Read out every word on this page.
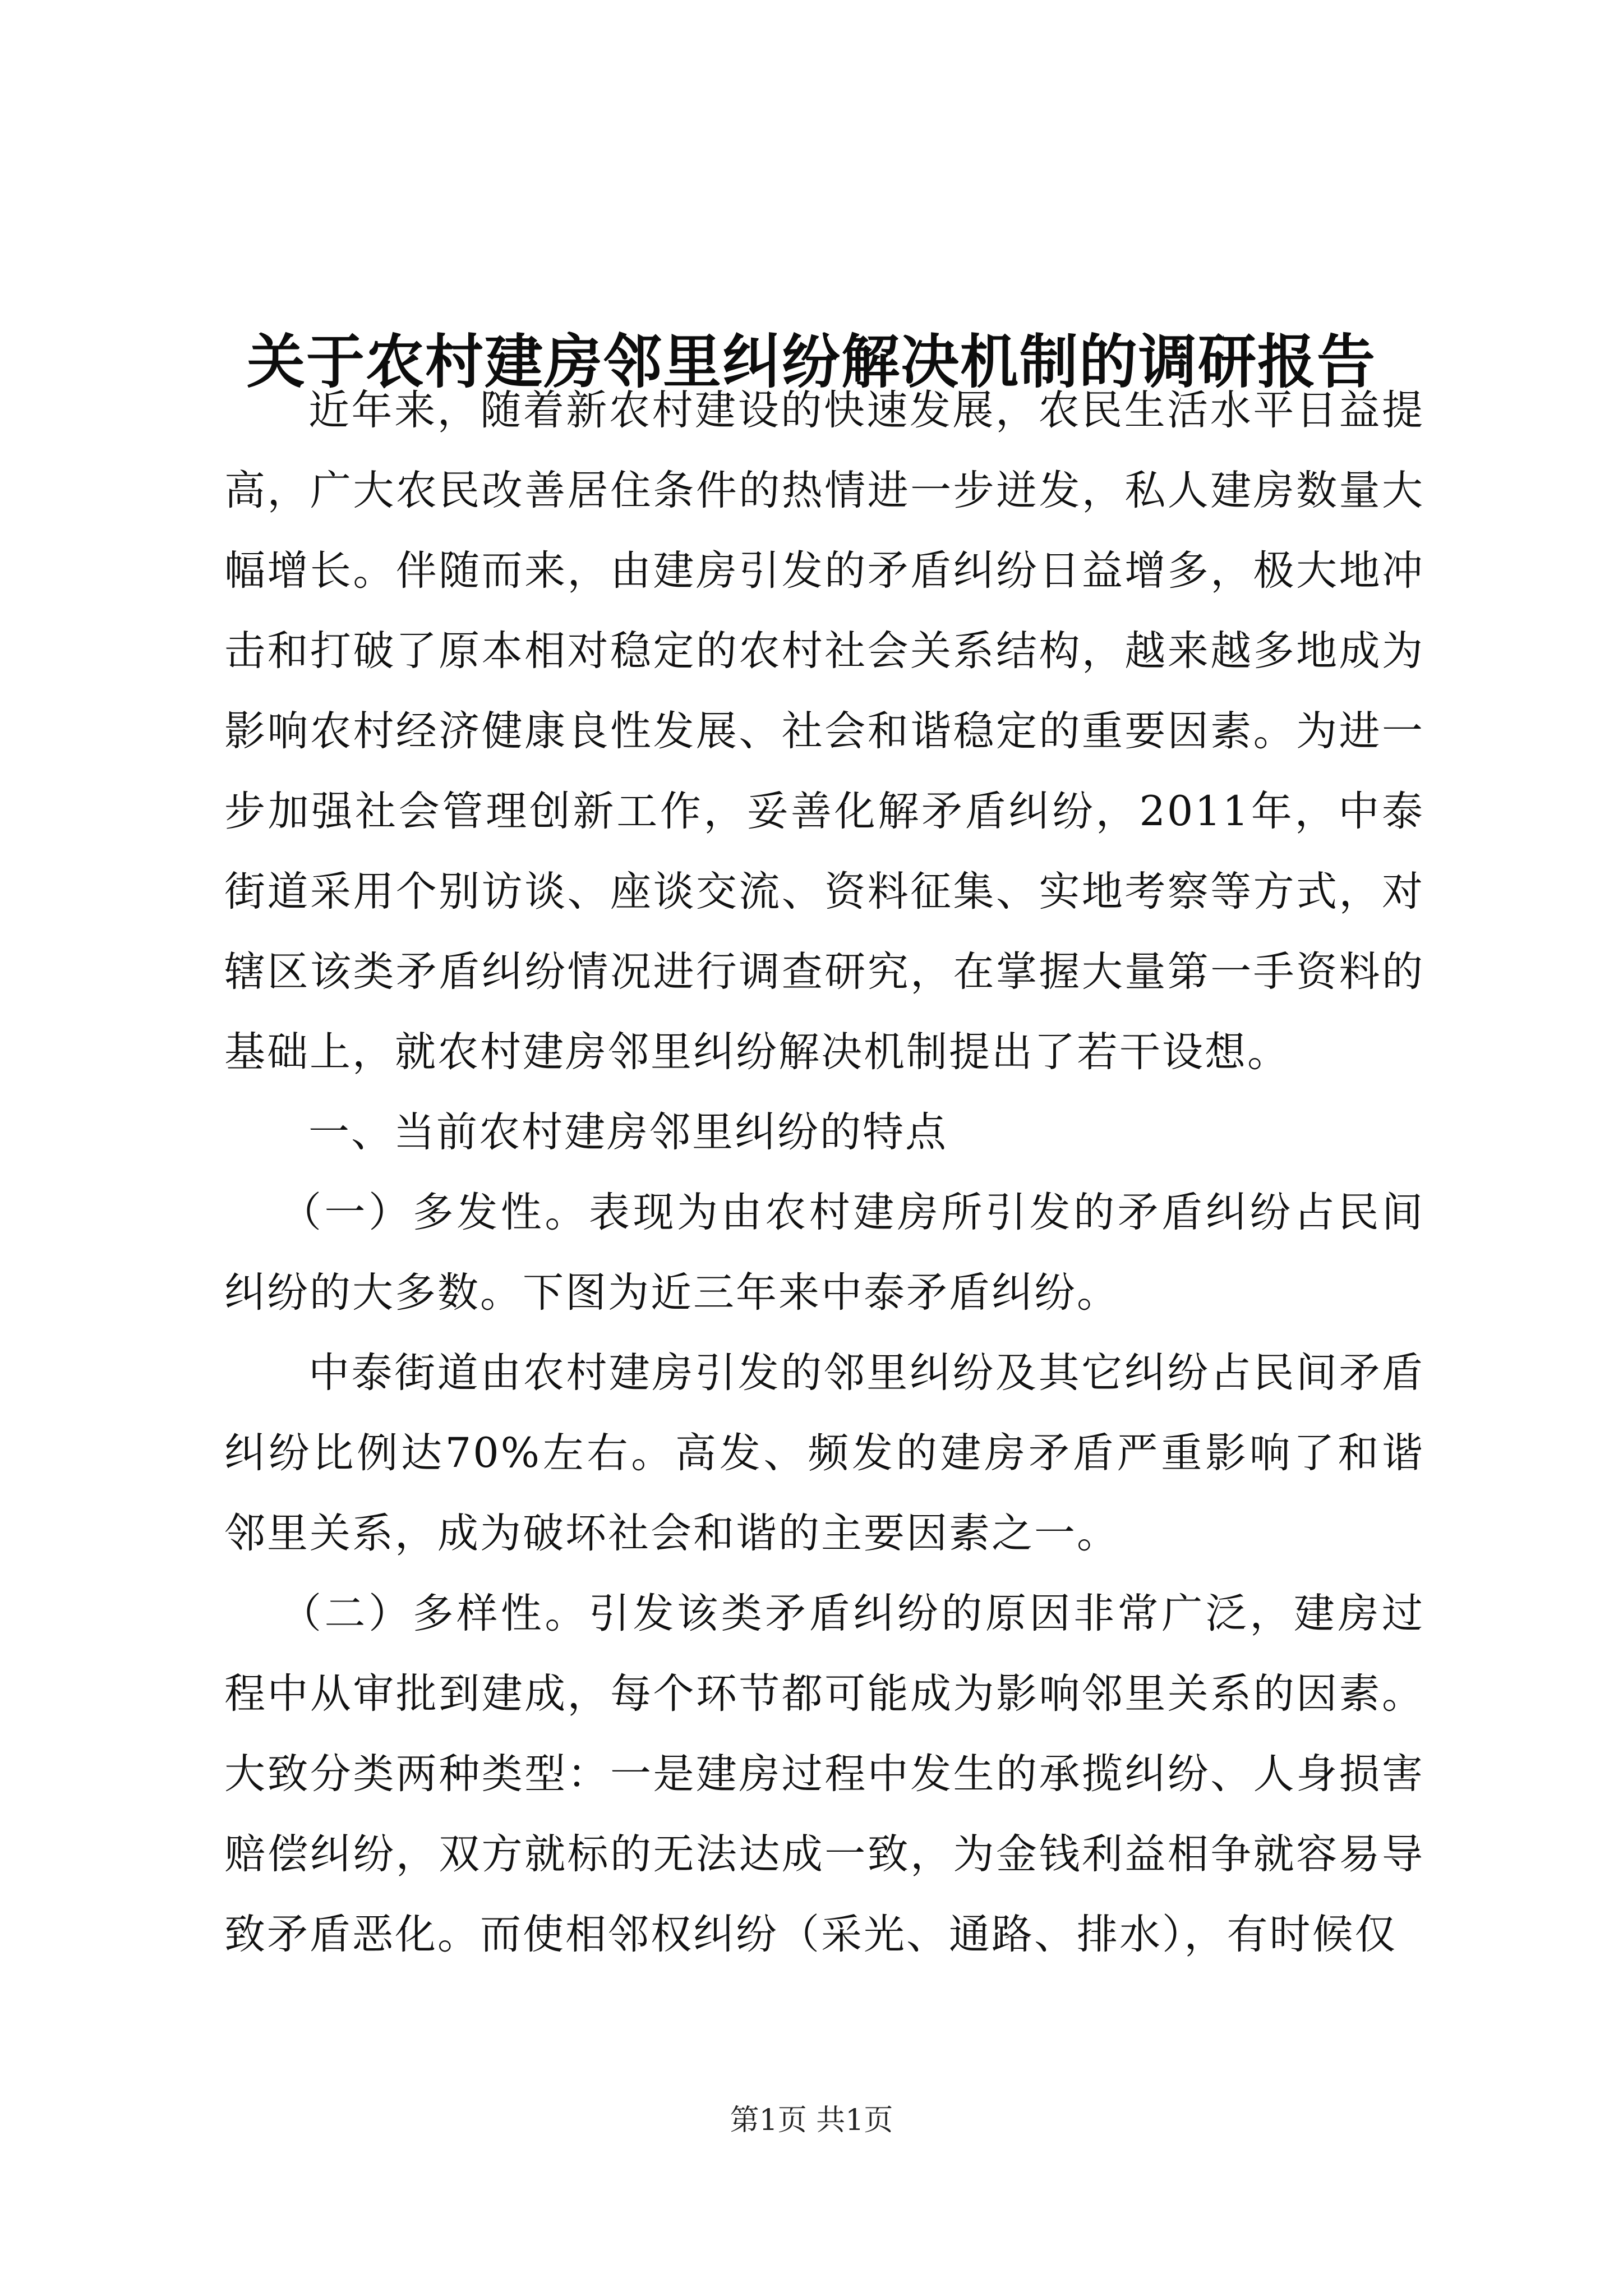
关于农村建房邻里纠纷解决机制的调研报告

近年来，随着新农村建设的快速发展，农民生活水平日益提高，广大农民改善居住条件的热情进一步迸发，私人建房数量大幅增长。伴随而来，由建房引发的矛盾纠纷日益增多，极大地冲击和打破了原本相对稳定的农村社会关系结构，越来越多地成为影响农村经济健康良性发展、社会和谐稳定的重要因素。为进一步加强社会管理创新工作，妥善化解矛盾纠纷，2011年，中泰街道采用个别访谈、座谈交流、资料征集、实地考察等方式，对辖区该类矛盾纠纷情况进行调查研究，在掌握大量第一手资料的基础上，就农村建房邻里纠纷解决机制提出了若干设想。

一、当前农村建房邻里纠纷的特点

（一）多发性。表现为由农村建房所引发的矛盾纠纷占民间纠纷的大多数。下图为近三年来中泰矛盾纠纷。

中泰街道由农村建房引发的邻里纠纷及其它纠纷占民间矛盾纠纷比例达70%左右。高发、频发的建房矛盾严重影响了和谐邻里关系，成为破坏社会和谐的主要因素之一。

（二）多样性。引发该类矛盾纠纷的原因非常广泛，建房过程中从审批到建成，每个环节都可能成为影响邻里关系的因素。大致分类两种类型：一是建房过程中发生的承揽纠纷、人身损害赔偿纠纷，双方就标的无法达成一致，为金钱利益相争就容易导致矛盾恶化。而使相邻权纠纷（采光、通路、排水），有时候仅

第1页 共1页
